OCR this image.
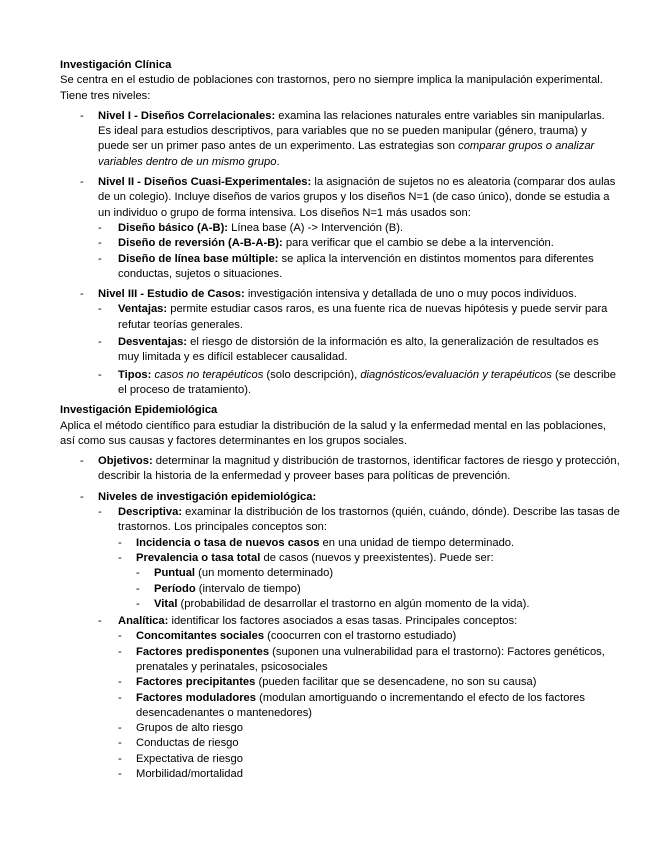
Investigación Clínica

Se centra en el estudio de poblaciones con trastornos, pero no siempre implica la manipulación experimental. Tiene tres niveles:

- Nivel I - Diseños Correlacionales: examina las relaciones naturales entre variables sin manipularlas. Es ideal para estudios descriptivos, para variables que no se pueden manipular (género, trauma) y puede ser un primer paso antes de un experimento. Las estrategias son comparar grupos o analizar variables dentro de un mismo grupo.
- Nivel II - Diseños Cuasi-Experimentales: la asignación de sujetos no es aleatoria (comparar dos aulas de un colegio). Incluye diseños de varios grupos y los diseños N=1 (de caso único), donde se estudia a un individuo o grupo de forma intensiva. Los diseños N=1 más usados son:
- Diseño básico (A-B): Línea base (A) -> Intervención (B).
- Diseño de reversión (A-B-A-B): para verificar que el cambio se debe a la intervención.
- Diseño de línea base múltiple: se aplica la intervención en distintos momentos para diferentes conductas, sujetos o situaciones.
- Nivel III - Estudio de Casos: investigación intensiva y detallada de uno o muy pocos individuos.
- Ventajas: permite estudiar casos raros, es una fuente rica de nuevas hipótesis y puede servir para refutar teorías generales.
- Desventajas: el riesgo de distorsión de la información es alto, la generalización de resultados es muy limitada y es difícil establecer causalidad.
- Tipos: casos no terapéuticos (solo descripción), diagnósticos/evaluación y terapéuticos (se describe el proceso de tratamiento).

Investigación Epidemiológica

Aplica el método científico para estudiar la distribución de la salud y la enfermedad mental en las poblaciones, así como sus causas y factores determinantes en los grupos sociales.

- Objetivos: determinar la magnitud y distribución de trastornos, identificar factores de riesgo y protección, describir la historia de la enfermedad y proveer bases para políticas de prevención.
- Niveles de investigación epidemiológica:
- Descriptiva: examinar la distribución de los trastornos (quién, cuándo, dónde). Describe las tasas de trastornos. Los principales conceptos son:
- Incidencia o tasa de nuevos casos en una unidad de tiempo determinado.
- Prevalencia o tasa total de casos (nuevos y preexistentes). Puede ser:
- Puntual (un momento determinado)
- Período (intervalo de tiempo)
- Vital (probabilidad de desarrollar el trastorno en algún momento de la vida).
- Analítica: identificar los factores asociados a esas tasas. Principales conceptos:
- Concomitantes sociales (coocurren con el trastorno estudiado)
- Factores predisponentes (suponen una vulnerabilidad para el trastorno): Factores genéticos, prenatales y perinatales, psicosociales
- Factores precipitantes (pueden facilitar que se desencadene, no son su causa)
- Factores moduladores (modulan amortiguando o incrementando el efecto de los factores desencadenantes o mantenedores)
- Grupos de alto riesgo
- Conductas de riesgo
- Expectativa de riesgo
- Morbilidad/mortalidad
